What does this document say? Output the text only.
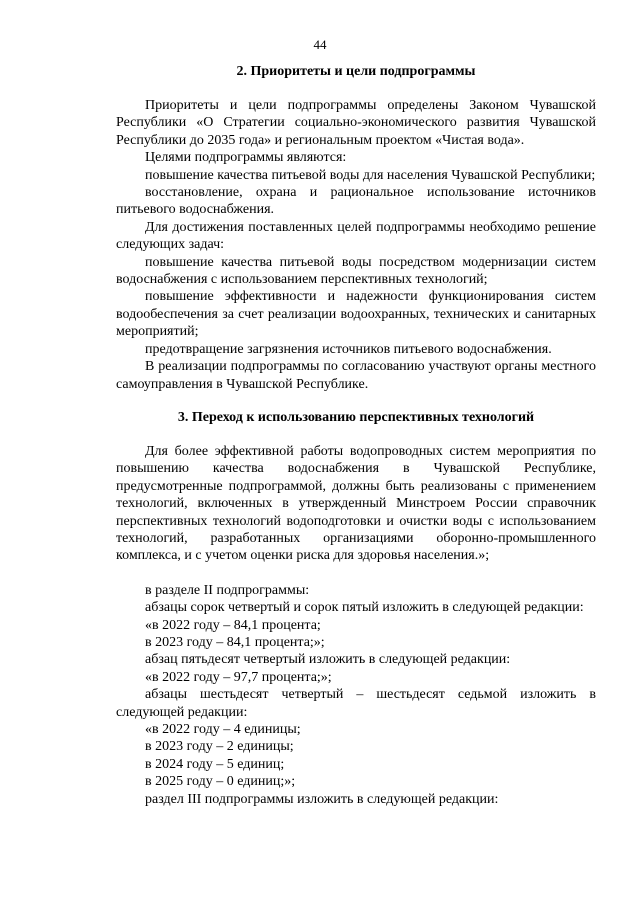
44
2. Приоритеты и цели подпрограммы

Приоритеты и цели подпрограммы определены Законом Чувашской Республики «О Стратегии социально-экономического развития Чувашской Республики до 2035 года» и региональным проектом «Чистая вода».

Целями подпрограммы являются:

повышение качества питьевой воды для населения Чувашской Республики;

восстановление, охрана и рациональное использование источников питьевого водоснабжения.

Для достижения поставленных целей подпрограммы необходимо решение следующих задач:

повышение качества питьевой воды посредством модернизации систем водоснабжения с использованием перспективных технологий;

повышение эффективности и надежности функционирования систем водообеспечения за счет реализации водоохранных, технических и санитарных мероприятий;

предотвращение загрязнения источников питьевого водоснабжения.

В реализации подпрограммы по согласованию участвуют органы местного самоуправления в Чувашской Республике.

3. Переход к использованию перспективных технологий

Для более эффективной работы водопроводных систем мероприятия по повышению качества водоснабжения в Чувашской Республике, предусмотренные подпрограммой, должны быть реализованы с применением технологий, включенных в утвержденный Минстроем России справочник перспективных технологий водоподготовки и очистки воды с использованием технологий, разработанных организациями оборонно-промышленного комплекса, и с учетом оценки риска для здоровья населения.»;

в разделе II подпрограммы:

абзацы сорок четвертый и сорок пятый изложить в следующей редакции:

«в 2022 году – 84,1 процента;

в 2023 году – 84,1 процента;»;

абзац пятьдесят четвертый изложить в следующей редакции:

«в 2022 году – 97,7 процента;»;

абзацы шестьдесят четвертый – шестьдесят седьмой изложить в следующей редакции:

«в 2022 году – 4 единицы;

в 2023 году – 2 единицы;

в 2024 году – 5 единиц;

в 2025 году – 0 единиц;»;

раздел III подпрограммы изложить в следующей редакции:
